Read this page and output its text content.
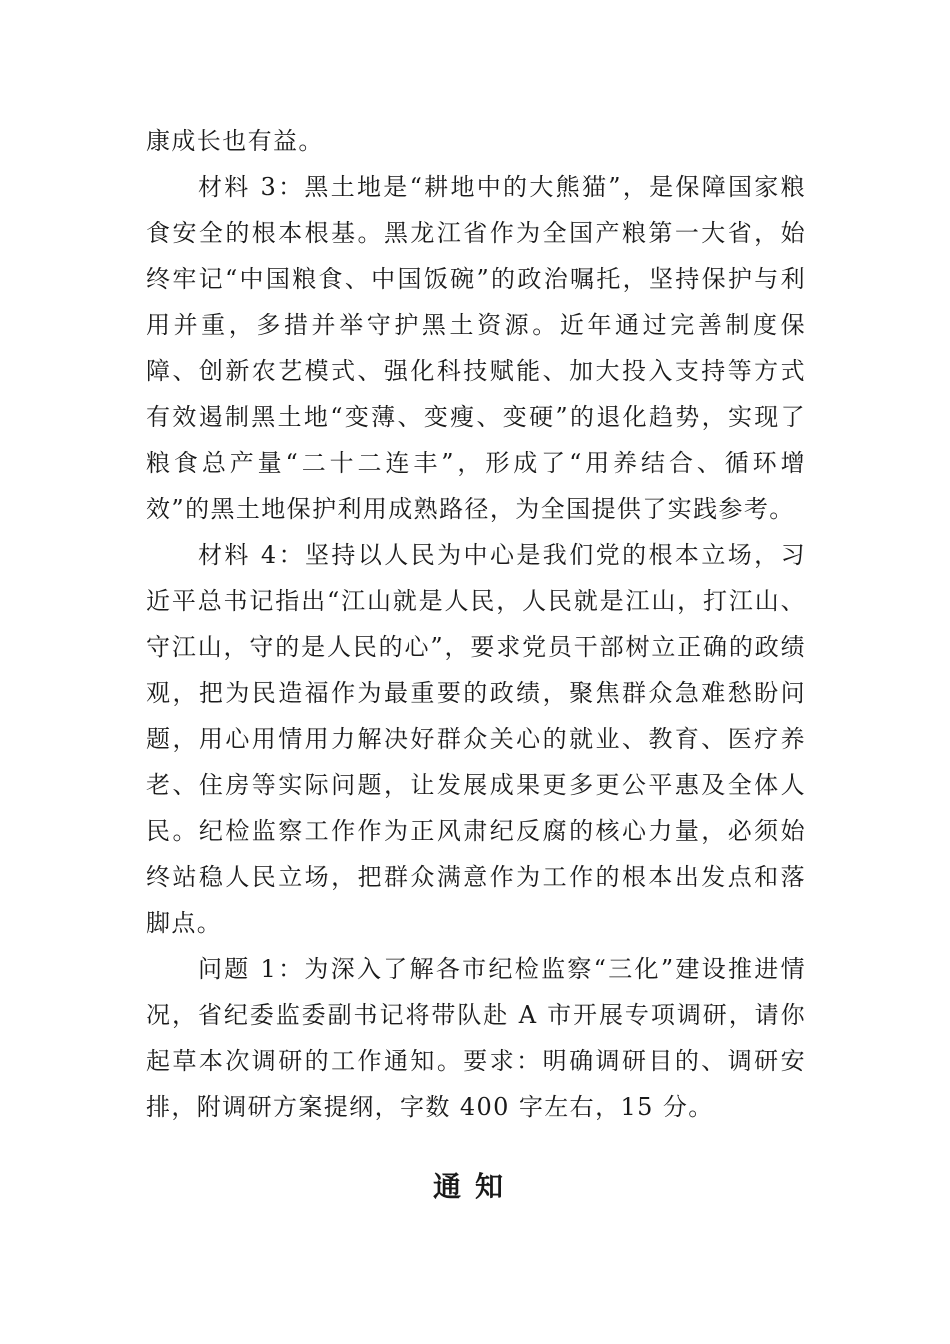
康成长也有益。

材料 3：黑土地是“耕地中的大熊猫”，是保障国家粮食安全的根本根基。黑龙江省作为全国产粮第一大省，始终牢记“中国粮食、中国饭碗”的政治嘱托，坚持保护与利用并重，多措并举守护黑土资源。近年通过完善制度保障、创新农艺模式、强化科技赋能、加大投入支持等方式有效遏制黑土地“变薄、变瘦、变硬”的退化趋势，实现了粮食总产量“二十二连丰”，形成了“用养结合、循环增效”的黑土地保护利用成熟路径，为全国提供了实践参考。

材料 4：坚持以人民为中心是我们党的根本立场，习近平总书记指出“江山就是人民，人民就是江山，打江山、守江山，守的是人民的心”，要求党员干部树立正确的政绩观，把为民造福作为最重要的政绩，聚焦群众急难愁盼问题，用心用情用力解决好群众关心的就业、教育、医疗养老、住房等实际问题，让发展成果更多更公平惠及全体人民。纪检监察工作作为正风肃纪反腐的核心力量，必须始终站稳人民立场，把群众满意作为工作的根本出发点和落脚点。

问题 1：为深入了解各市纪检监察“三化”建设推进情况，省纪委监委副书记将带队赴 A 市开展专项调研，请你起草本次调研的工作通知。要求：明确调研目的、调研安排，附调研方案提纲，字数 400 字左右，15 分。

通知
